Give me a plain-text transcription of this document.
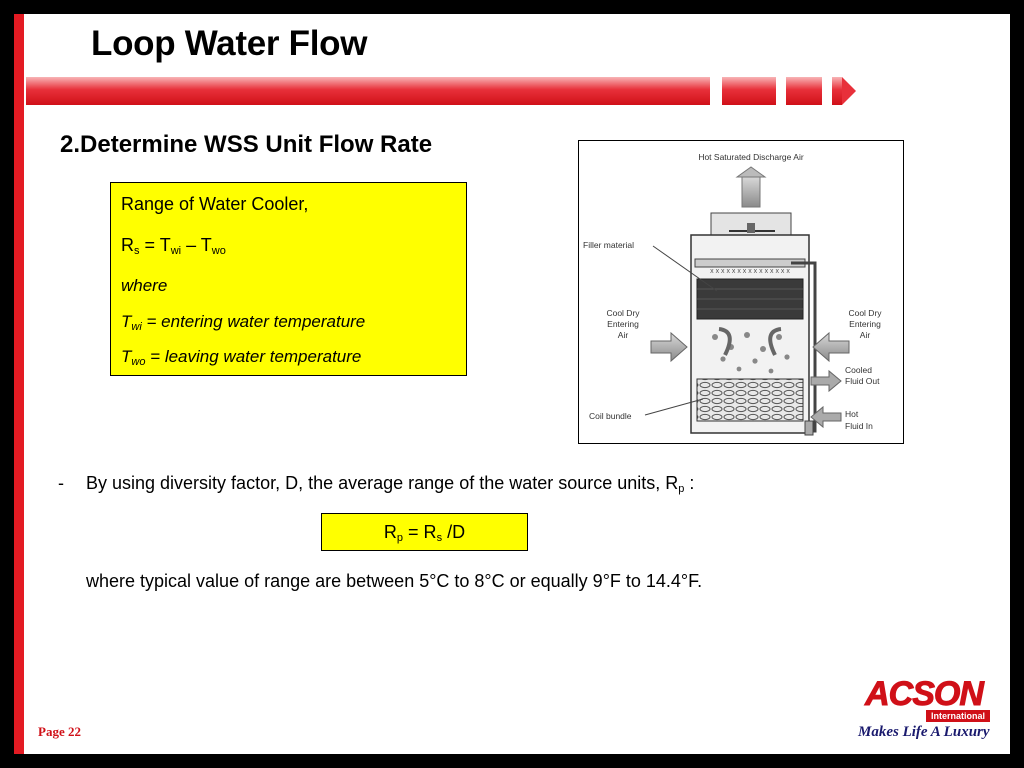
Loop Water Flow
2.Determine WSS Unit Flow Rate
Range of Water Cooler,
$R_s = T_{wi} - T_{wo}$
where
$T_{wi}$ = entering water temperature
$T_{wo}$ = leaving water temperature
Hot Saturated Discharge Air
x x x x x x x x x x x x x x x
Filler material
Cool Dry
Entering
Air
Cool Dry
Entering
Air
Cooled
Fluid Out
Coil bundle	Hot
Fluid In
- By using diversity factor, D, the average range of the water source units, $R_p$ :
$R_p = R_s$ /D
where typical value of range are between 5°C to 8°C or equally 9°F to 14.4°F.
Page 22
ACSON
International
Makes Life A Luxury
